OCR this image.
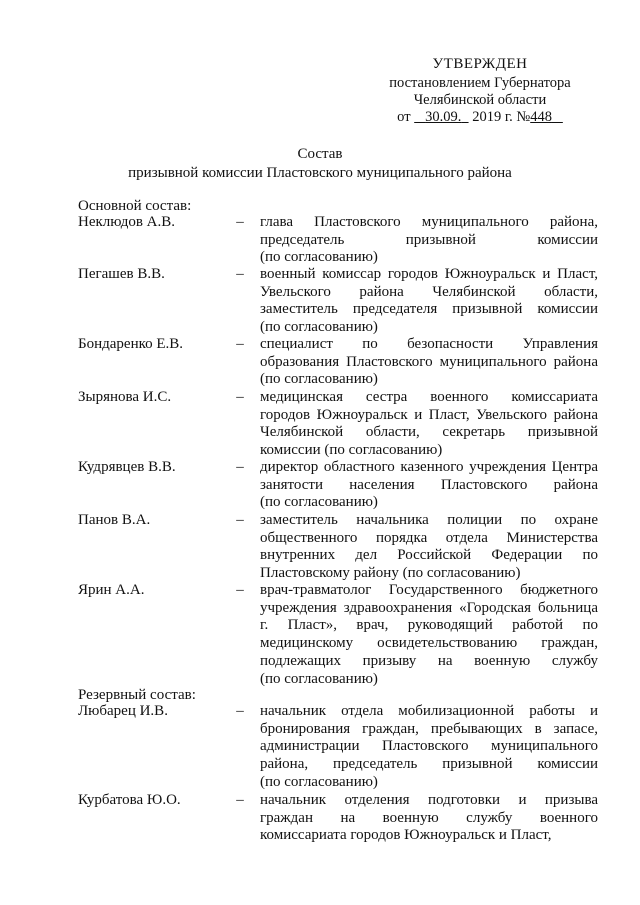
УТВЕРЖДЕН
постановлением Губернатора
Челябинской области
от 30.09. 2019 г. №448
Состав
призывной комиссии Пластовского муниципального района
Основной состав:
Неклюдов А.В.	– глава Пластовского муниципального района,

председатель призывной комиссии

(по согласованию)

Пегашев В.В.	– военный комиссар городов Южноуральск и Пласт,

Увельского района Челябинской области,

заместитель председателя призывной комиссии

(по согласованию)

Бондаренко Е.В.	– специалист по безопасности Управления

образования Пластовского муниципального района

(по согласованию)

Зырянова И.С.	– медицинская сестра военного комиссариата

городов Южноуральск и Пласт, Увельского района

Челябинской области, секретарь призывной

комиссии (по согласованию)

Кудрявцев В.В.	– директор областного казенного учреждения Центра

занятости населения Пластовского района

(по согласованию)

Панов В.А.	– заместитель начальника полиции по охране

общественного порядка отдела Министерства

внутренних дел Российской Федерации по

Пластовскому району (по согласованию)

Ярин А.А.	– врач-травматолог Государственного бюджетного

учреждения здравоохранения «Городская больница

г. Пласт», врач, руководящий работой по

медицинскому освидетельствованию граждан,

подлежащих призыву на военную службу

(по согласованию)

Резервный состав:
Любарец И.В.	– начальник отдела мобилизационной работы и

бронирования граждан, пребывающих в запасе,

администрации Пластовского муниципального

района, председатель призывной комиссии

(по согласованию)

Курбатова Ю.О.	– начальник отделения подготовки и призыва

граждан на военную службу военного

комиссариата городов Южноуральск и Пласт,
